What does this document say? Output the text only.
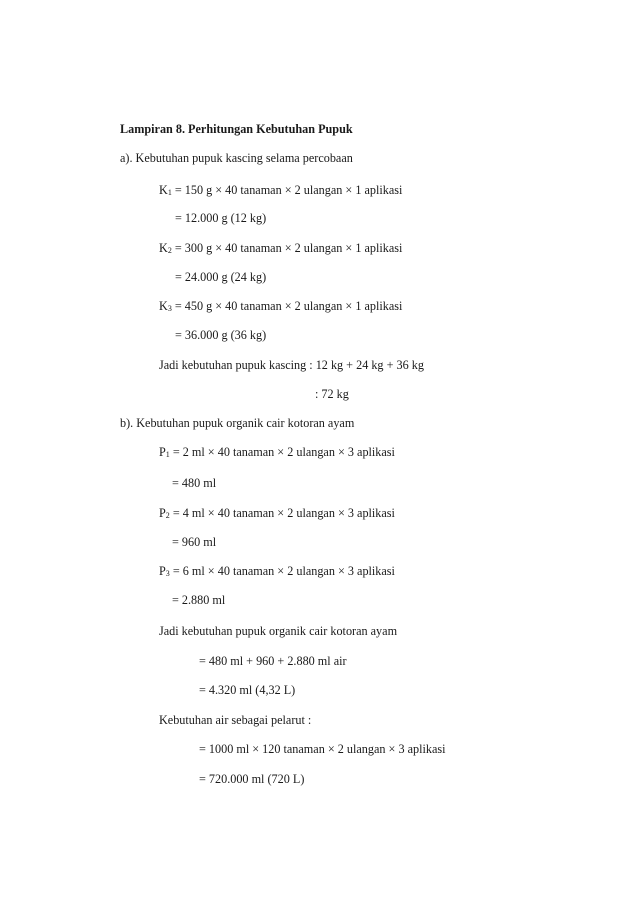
Lampiran 8. Perhitungan Kebutuhan Pupuk
a). Kebutuhan pupuk kascing selama percobaan
K1 = 150 g × 40 tanaman × 2 ulangan × 1 aplikasi
= 12.000 g (12 kg)
K2 = 300 g × 40 tanaman × 2 ulangan × 1 aplikasi
= 24.000 g (24 kg)
K3 = 450 g × 40 tanaman × 2 ulangan × 1 aplikasi
= 36.000 g (36 kg)
Jadi kebutuhan pupuk kascing : 12 kg + 24 kg + 36 kg
: 72 kg
b). Kebutuhan pupuk organik cair kotoran ayam
P1 = 2 ml × 40 tanaman × 2 ulangan × 3 aplikasi
= 480 ml
P2 = 4 ml × 40 tanaman × 2 ulangan × 3 aplikasi
= 960 ml
P3 = 6 ml × 40 tanaman × 2 ulangan × 3 aplikasi
= 2.880 ml
Jadi kebutuhan pupuk organik cair kotoran ayam
= 480 ml + 960 + 2.880 ml air
= 4.320 ml (4,32 L)
Kebutuhan air sebagai pelarut :
= 1000 ml × 120 tanaman × 2 ulangan × 3 aplikasi
= 720.000 ml (720 L)
